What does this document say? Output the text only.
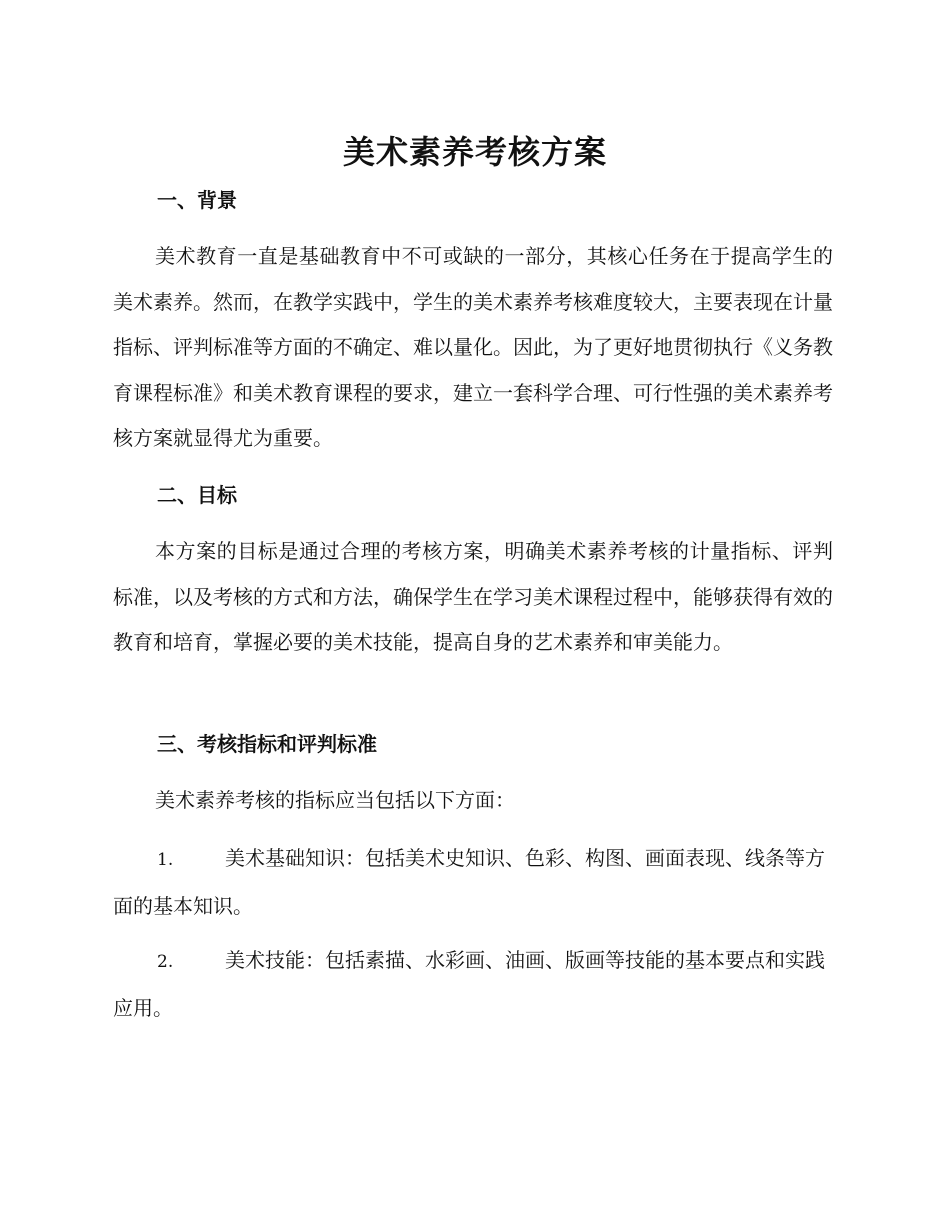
美术素养考核方案
一、背景

美术教育一直是基础教育中不可或缺的一部分，其核心任务在于提高学生的美术素养。然而，在教学实践中，学生的美术素养考核难度较大，主要表现在计量指标、评判标准等方面的不确定、难以量化。因此，为了更好地贯彻执行《义务教育课程标准》和美术教育课程的要求，建立一套科学合理、可行性强的美术素养考核方案就显得尤为重要。

二、目标

本方案的目标是通过合理的考核方案，明确美术素养考核的计量指标、评判标准，以及考核的方式和方法，确保学生在学习美术课程过程中，能够获得有效的教育和培育，掌握必要的美术技能，提高自身的艺术素养和审美能力。

三、考核指标和评判标准

美术素养考核的指标应当包括以下方面：

1.	美术基础知识：包括美术史知识、色彩、构图、画面表现、线条等方面的基本知识。

2.	美术技能：包括素描、水彩画、油画、版画等技能的基本要点和实践应用。
